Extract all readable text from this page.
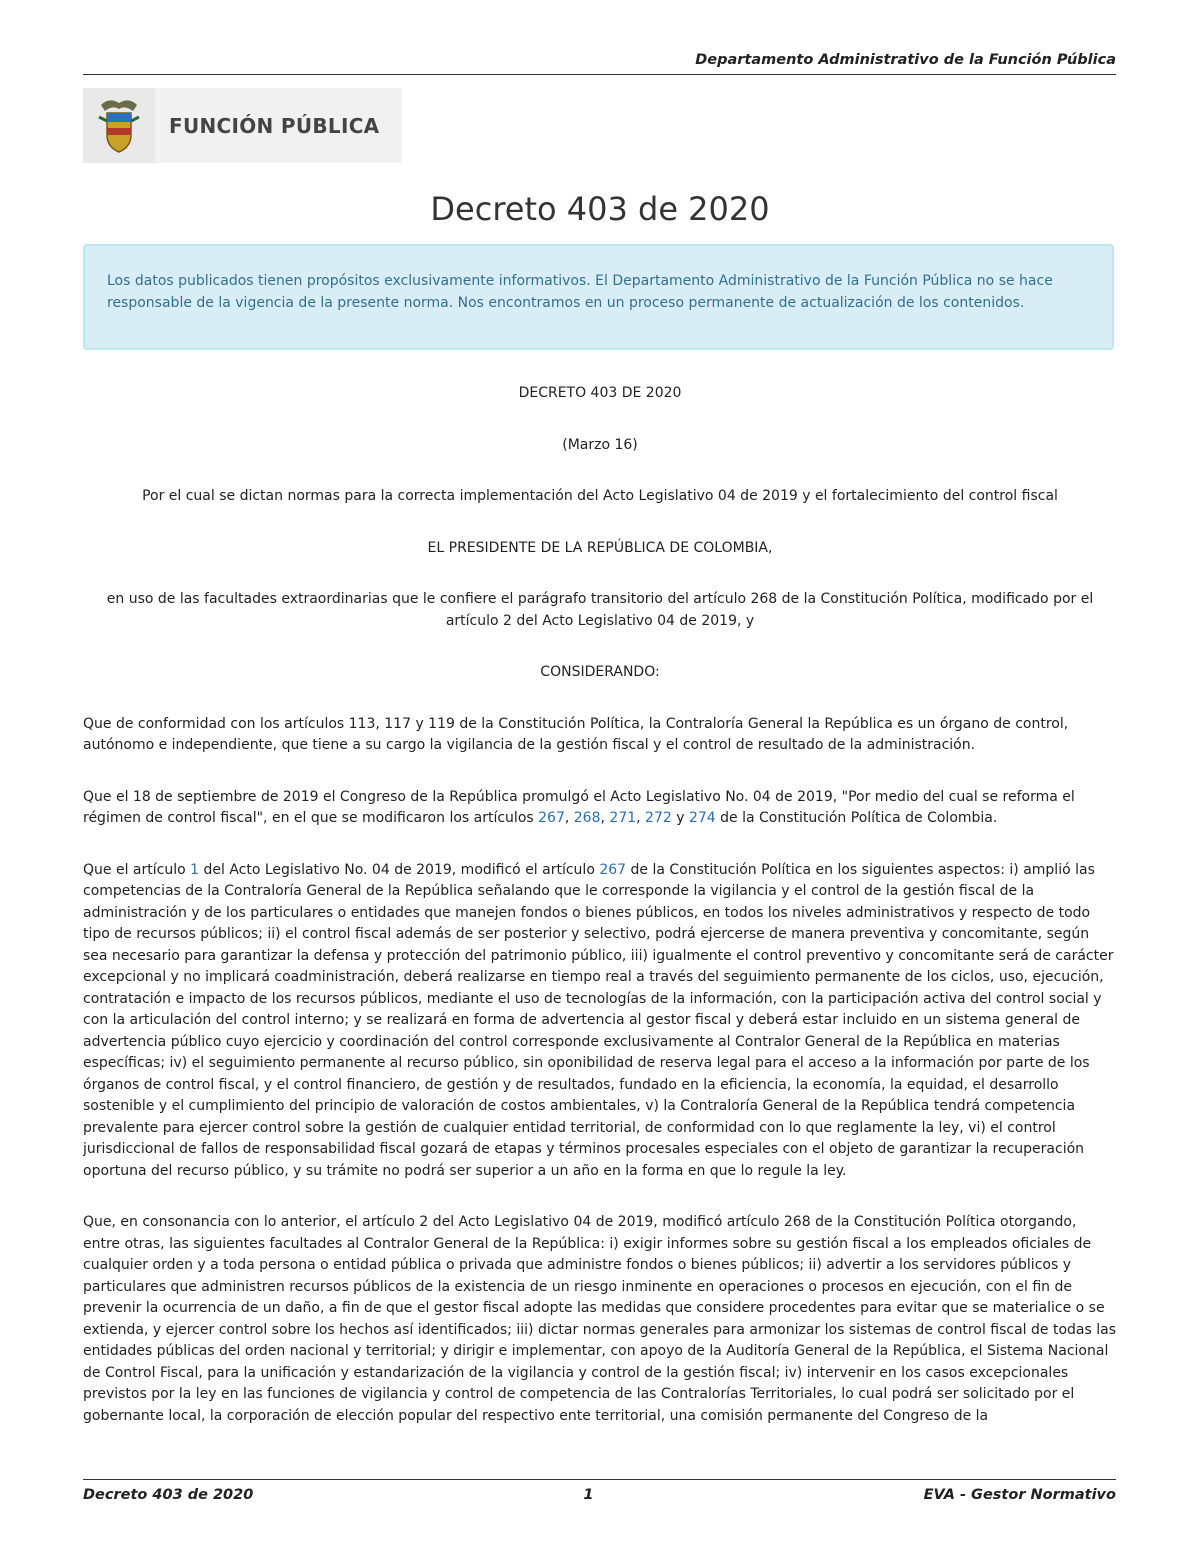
Departamento Administrativo de la Función Pública
FUNCIÓN PÚBLICA
Decreto 403 de 2020
Los datos publicados tienen propósitos exclusivamente informativos. El Departamento Administrativo de la Función Pública no se hace responsable de la vigencia de la presente norma. Nos encontramos en un proceso permanente de actualización de los contenidos.

DECRETO 403 DE 2020

(Marzo 16)

Por el cual se dictan normas para la correcta implementación del Acto Legislativo 04 de 2019 y el fortalecimiento del control fiscal

EL PRESIDENTE DE LA REPÚBLICA DE COLOMBIA,

en uso de las facultades extraordinarias que le confiere el parágrafo transitorio del artículo 268 de la Constitución Política, modificado por el artículo 2 del Acto Legislativo 04 de 2019, y

CONSIDERANDO:

Que de conformidad con los artículos 113, 117 y 119 de la Constitución Política, la Contraloría General la República es un órgano de control, autónomo e independiente, que tiene a su cargo la vigilancia de la gestión fiscal y el control de resultado de la administración.

Que el 18 de septiembre de 2019 el Congreso de la República promulgó el Acto Legislativo No. 04 de 2019, "Por medio del cual se reforma el régimen de control fiscal", en el que se modificaron los artículos 267, 268, 271, 272 y 274 de la Constitución Política de Colombia.

Que el artículo 1 del Acto Legislativo No. 04 de 2019, modificó el artículo 267 de la Constitución Política en los siguientes aspectos: i) amplió las competencias de la Contraloría General de la República señalando que le corresponde la vigilancia y el control de la gestión fiscal de la administración y de los particulares o entidades que manejen fondos o bienes públicos, en todos los niveles administrativos y respecto de todo tipo de recursos públicos; ii) el control fiscal además de ser posterior y selectivo, podrá ejercerse de manera preventiva y concomitante, según sea necesario para garantizar la defensa y protección del patrimonio público, iii) igualmente el control preventivo y concomitante será de carácter excepcional y no implicará coadministración, deberá realizarse en tiempo real a través del seguimiento permanente de los ciclos, uso, ejecución, contratación e impacto de los recursos públicos, mediante el uso de tecnologías de la información, con la participación activa del control social y con la articulación del control interno; y se realizará en forma de advertencia al gestor fiscal y deberá estar incluido en un sistema general de advertencia público cuyo ejercicio y coordinación del control corresponde exclusivamente al Contralor General de la República en materias específicas; iv) el seguimiento permanente al recurso público, sin oponibilidad de reserva legal para el acceso a la información por parte de los órganos de control fiscal, y el control financiero, de gestión y de resultados, fundado en la eficiencia, la economía, la equidad, el desarrollo sostenible y el cumplimiento del principio de valoración de costos ambientales, v) la Contraloría General de la República tendrá competencia prevalente para ejercer control sobre la gestión de cualquier entidad territorial, de conformidad con lo que reglamente la ley, vi) el control jurisdiccional de fallos de responsabilidad fiscal gozará de etapas y términos procesales especiales con el objeto de garantizar la recuperación oportuna del recurso público, y su trámite no podrá ser superior a un año en la forma en que lo regule la ley.

Que, en consonancia con lo anterior, el artículo 2 del Acto Legislativo 04 de 2019, modificó artículo 268 de la Constitución Política otorgando, entre otras, las siguientes facultades al Contralor General de la República: i) exigir informes sobre su gestión fiscal a los empleados oficiales de cualquier orden y a toda persona o entidad pública o privada que administre fondos o bienes públicos; ii) advertir a los servidores públicos y particulares que administren recursos públicos de la existencia de un riesgo inminente en operaciones o procesos en ejecución, con el fin de prevenir la ocurrencia de un daño, a fin de que el gestor fiscal adopte las medidas que considere procedentes para evitar que se materialice o se extienda, y ejercer control sobre los hechos así identificados; iii) dictar normas generales para armonizar los sistemas de control fiscal de todas las entidades públicas del orden nacional y territorial; y dirigir e implementar, con apoyo de la Auditoría General de la República, el Sistema Nacional de Control Fiscal, para la unificación y estandarización de la vigilancia y control de la gestión fiscal; iv) intervenir en los casos excepcionales previstos por la ley en las funciones de vigilancia y control de competencia de las Contralorías Territoriales, lo cual podrá ser solicitado por el gobernante local, la corporación de elección popular del respectivo ente territorial, una comisión permanente del Congreso de la

Decreto 403 de 2020	1	EVA - Gestor Normativo
